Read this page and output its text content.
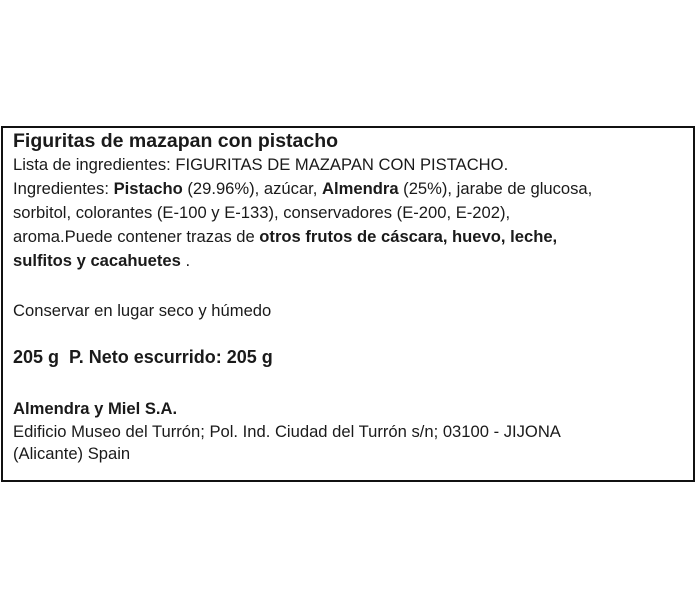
Figuritas de mazapan con pistacho
Lista de ingredientes: FIGURITAS DE MAZAPAN CON PISTACHO.
Ingredientes: Pistacho (29.96%), azúcar, Almendra (25%), jarabe de glucosa,
sorbitol, colorantes (E-100 y E-133), conservadores (E-200, E-202),
aroma.Puede contener trazas de otros frutos de cáscara, huevo, leche,
sulfitos y cacahuetes .
Conservar en lugar seco y húmedo
205 g  P. Neto escurrido: 205 g
Almendra y Miel S.A.
Edificio Museo del Turrón; Pol. Ind. Ciudad del Turrón s/n; 03100 - JIJONA
(Alicante) Spain
